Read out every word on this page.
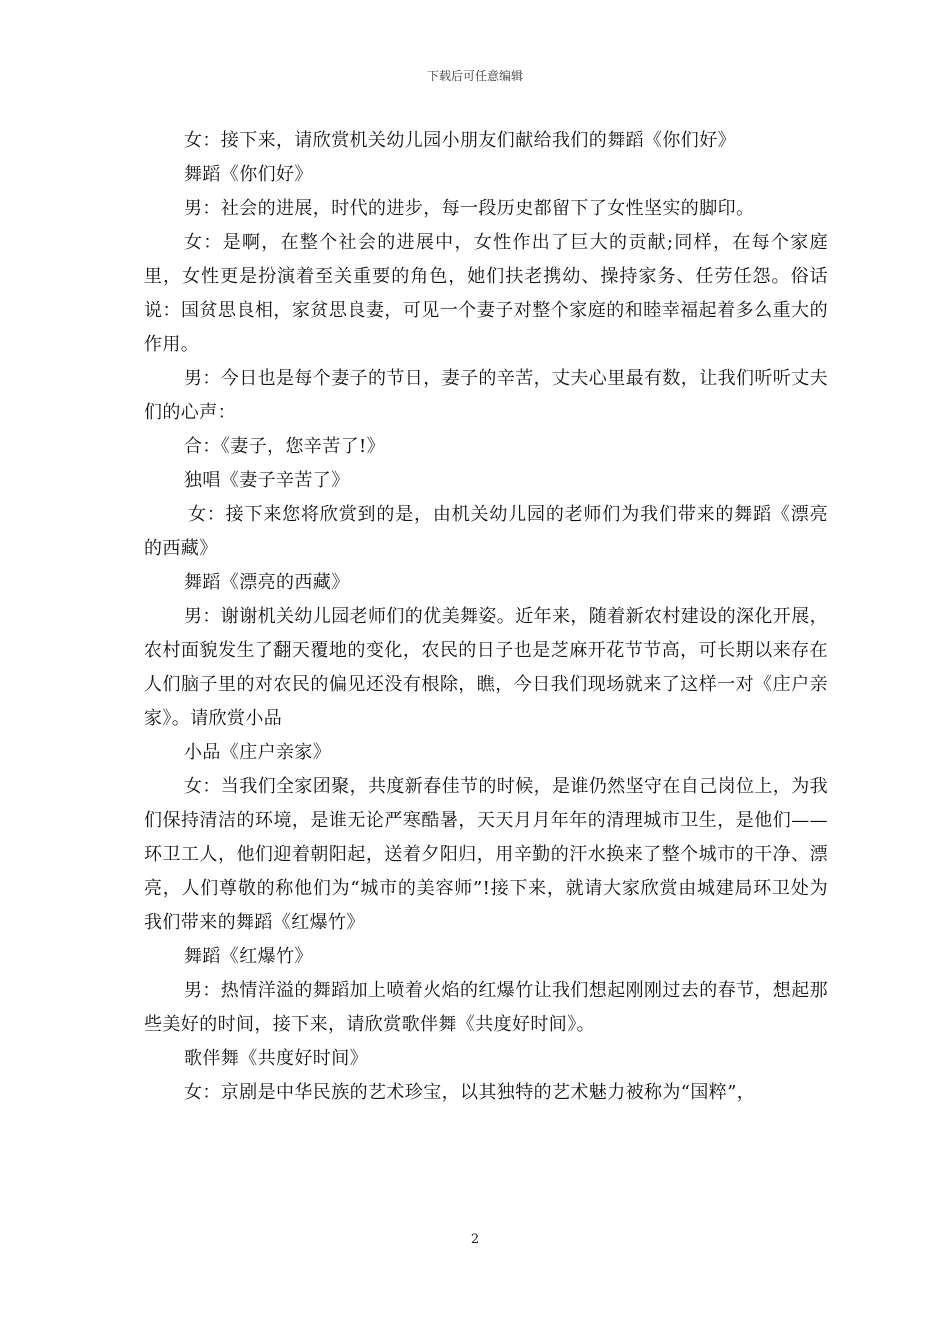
下载后可任意编辑

女：接下来，请欣赏机关幼儿园小朋友们献给我们的舞蹈《你们好》

舞蹈《你们好》

男：社会的进展，时代的进步，每一段历史都留下了女性坚实的脚印。

女：是啊，在整个社会的进展中，女性作出了巨大的贡献;同样，在每个家庭里，女性更是扮演着至关重要的角色，她们扶老携幼、操持家务、任劳任怨。俗话说：国贫思良相，家贫思良妻，可见一个妻子对整个家庭的和睦幸福起着多么重大的作用。

男：今日也是每个妻子的节日，妻子的辛苦，丈夫心里最有数，让我们听听丈夫们的心声：

合：《妻子，您辛苦了!》

独唱《妻子辛苦了》

女：接下来您将欣赏到的是，由机关幼儿园的老师们为我们带来的舞蹈《漂亮的西藏》

舞蹈《漂亮的西藏》

男：谢谢机关幼儿园老师们的优美舞姿。近年来，随着新农村建设的深化开展，农村面貌发生了翻天覆地的变化，农民的日子也是芝麻开花节节高，可长期以来存在人们脑子里的对农民的偏见还没有根除，瞧，今日我们现场就来了这样一对《庄户亲家》。请欣赏小品

小品《庄户亲家》

女：当我们全家团聚，共度新春佳节的时候，是谁仍然坚守在自己岗位上，为我们保持清洁的环境，是谁无论严寒酷暑，天天月月年年的清理城市卫生，是他们——环卫工人，他们迎着朝阳起，送着夕阳归，用辛勤的汗水换来了整个城市的干净、漂亮，人们尊敬的称他们为“城市的美容师”!接下来，就请大家欣赏由城建局环卫处为我们带来的舞蹈《红爆竹》

舞蹈《红爆竹》

男：热情洋溢的舞蹈加上喷着火焰的红爆竹让我们想起刚刚过去的春节，想起那些美好的时间，接下来，请欣赏歌伴舞《共度好时间》。

歌伴舞《共度好时间》

女：京剧是中华民族的艺术珍宝，以其独特的艺术魅力被称为“国粹”，

2
